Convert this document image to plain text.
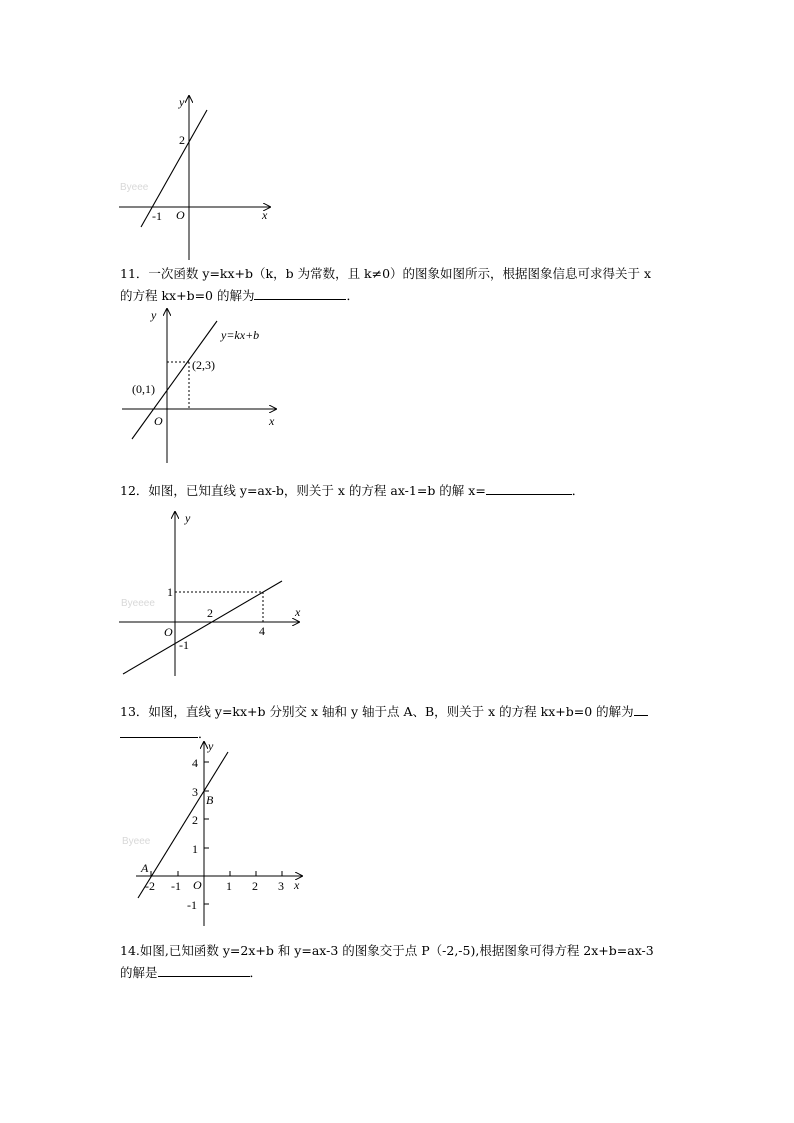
y
x
O
2
-1
Byeee
11．一次函数 y=kx+b（k，b 为常数，且 k≠0）的图象如图所示，根据图象信息可求得关于 x
的方程 kx+b=0 的解为	．
y
x
O
y=kx+b
(0,1)
(2,3)
12．如图，已知直线 y=ax-b，则关于 x 的方程 ax-1=b 的解 x=	．
y
x
O
1
2
4
-1
Byeeee
13．如图，直线 y=kx+b 分别交 x 轴和 y 轴于点 A、B，则关于 x 的方程 kx+b=0 的解为
．
y
x
O
A
B
4
3
2
1
-1
-2 -1	1 2 3
Byeee
14.如图,已知函数 y=2x+b 和 y=ax-3 的图象交于点 P（-2,-5),根据图象可得方程 2x+b=ax-3
的解是	．
